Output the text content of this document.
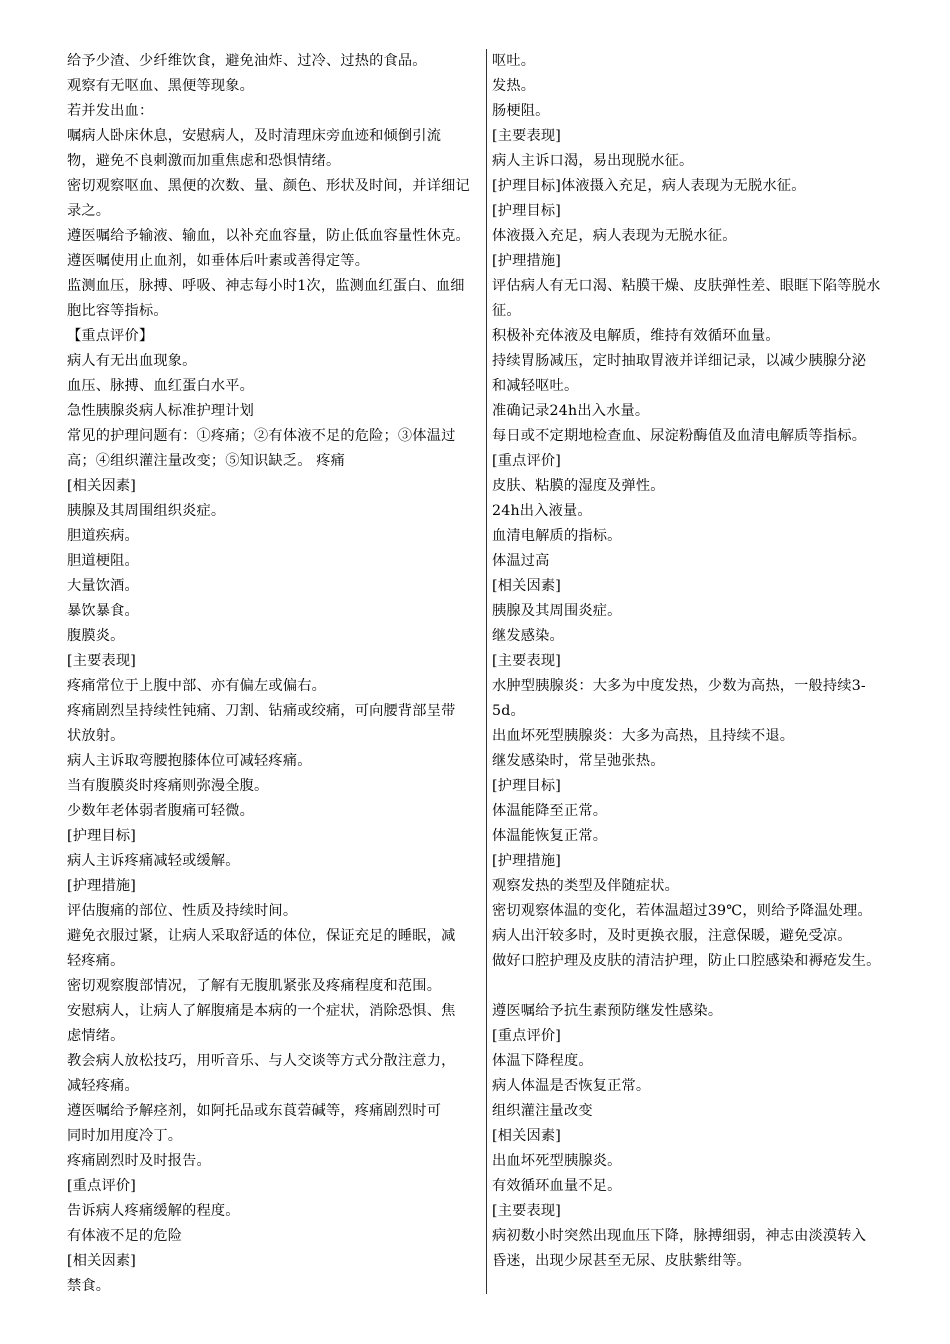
给予少渣、少纤维饮食，避免油炸、过冷、过热的食品。
观察有无呕血、黑便等现象。
若并发出血：
嘱病人卧床休息，安慰病人，及时清理床旁血迹和倾倒引流
物，避免不良刺激而加重焦虑和恐惧情绪。
密切观察呕血、黑便的次数、量、颜色、形状及时间，并详细记
录之。
遵医嘱给予输液、输血，以补充血容量，防止低血容量性休克。
遵医嘱使用止血剂，如垂体后叶素或善得定等。
监测血压，脉搏、呼吸、神志每小时1次，监测血红蛋白、血细
胞比容等指标。
【重点评价】
病人有无出血现象。
血压、脉搏、血红蛋白水平。
急性胰腺炎病人标准护理计划
常见的护理问题有：①疼痛；②有体液不足的危险；③体温过
高；④组织灌注量改变；⑤知识缺乏。 疼痛
[相关因素]
胰腺及其周围组织炎症。
胆道疾病。
胆道梗阻。
大量饮酒。
暴饮暴食。
腹膜炎。
[主要表现]
疼痛常位于上腹中部、亦有偏左或偏右。
疼痛剧烈呈持续性钝痛、刀割、钻痛或绞痛，可向腰背部呈带
状放射。
病人主诉取弯腰抱膝体位可减轻疼痛。
当有腹膜炎时疼痛则弥漫全腹。
少数年老体弱者腹痛可轻微。
[护理目标]
病人主诉疼痛减轻或缓解。
[护理措施]
评估腹痛的部位、性质及持续时间。
避免衣服过紧，让病人采取舒适的体位，保证充足的睡眠，减
轻疼痛。
密切观察腹部情况，了解有无腹肌紧张及疼痛程度和范围。
安慰病人，让病人了解腹痛是本病的一个症状，消除恐惧、焦
虑情绪。
教会病人放松技巧，用听音乐、与人交谈等方式分散注意力，
减轻疼痛。
遵医嘱给予解痉剂，如阿托品或东莨菪碱等，疼痛剧烈时可
同时加用度冷丁。
疼痛剧烈时及时报告。
[重点评价]
告诉病人疼痛缓解的程度。
有体液不足的危险
[相关因素]
禁食。
呕吐。
发热。
肠梗阻。
[主要表现]
病人主诉口渴，易出现脱水征。
[护理目标]体液摄入充足，病人表现为无脱水征。
[护理目标]
体液摄入充足，病人表现为无脱水征。
[护理措施]
评估病人有无口渴、粘膜干燥、皮肤弹性差、眼眶下陷等脱水
征。
积极补充体液及电解质，维持有效循环血量。
持续胃肠减压，定时抽取胃液并详细记录，以减少胰腺分泌
和减轻呕吐。
准确记录24h出入水量。
每日或不定期地检查血、尿淀粉酶值及血清电解质等指标。
[重点评价]
皮肤、粘膜的湿度及弹性。
24h出入液量。
血清电解质的指标。
体温过高
[相关因素]
胰腺及其周围炎症。
继发感染。
[主要表现]
水肿型胰腺炎：大多为中度发热，少数为高热，一般持续3-
5d。
出血坏死型胰腺炎：大多为高热，且持续不退。
继发感染时，常呈弛张热。
[护理目标]
体温能降至正常。
体温能恢复正常。
[护理措施]
观察发热的类型及伴随症状。
密切观察体温的变化，若体温超过39℃，则给予降温处理。
病人出汗较多时，及时更换衣服，注意保暖，避免受凉。
做好口腔护理及皮肤的清洁护理，防止口腔感染和褥疮发生。
遵医嘱给予抗生素预防继发性感染。
[重点评价]
体温下降程度。
病人体温是否恢复正常。
组织灌注量改变
[相关因素]
出血坏死型胰腺炎。
有效循环血量不足。
[主要表现]
病初数小时突然出现血压下降，脉搏细弱，神志由淡漠转入
昏迷，出现少尿甚至无尿、皮肤紫绀等。
